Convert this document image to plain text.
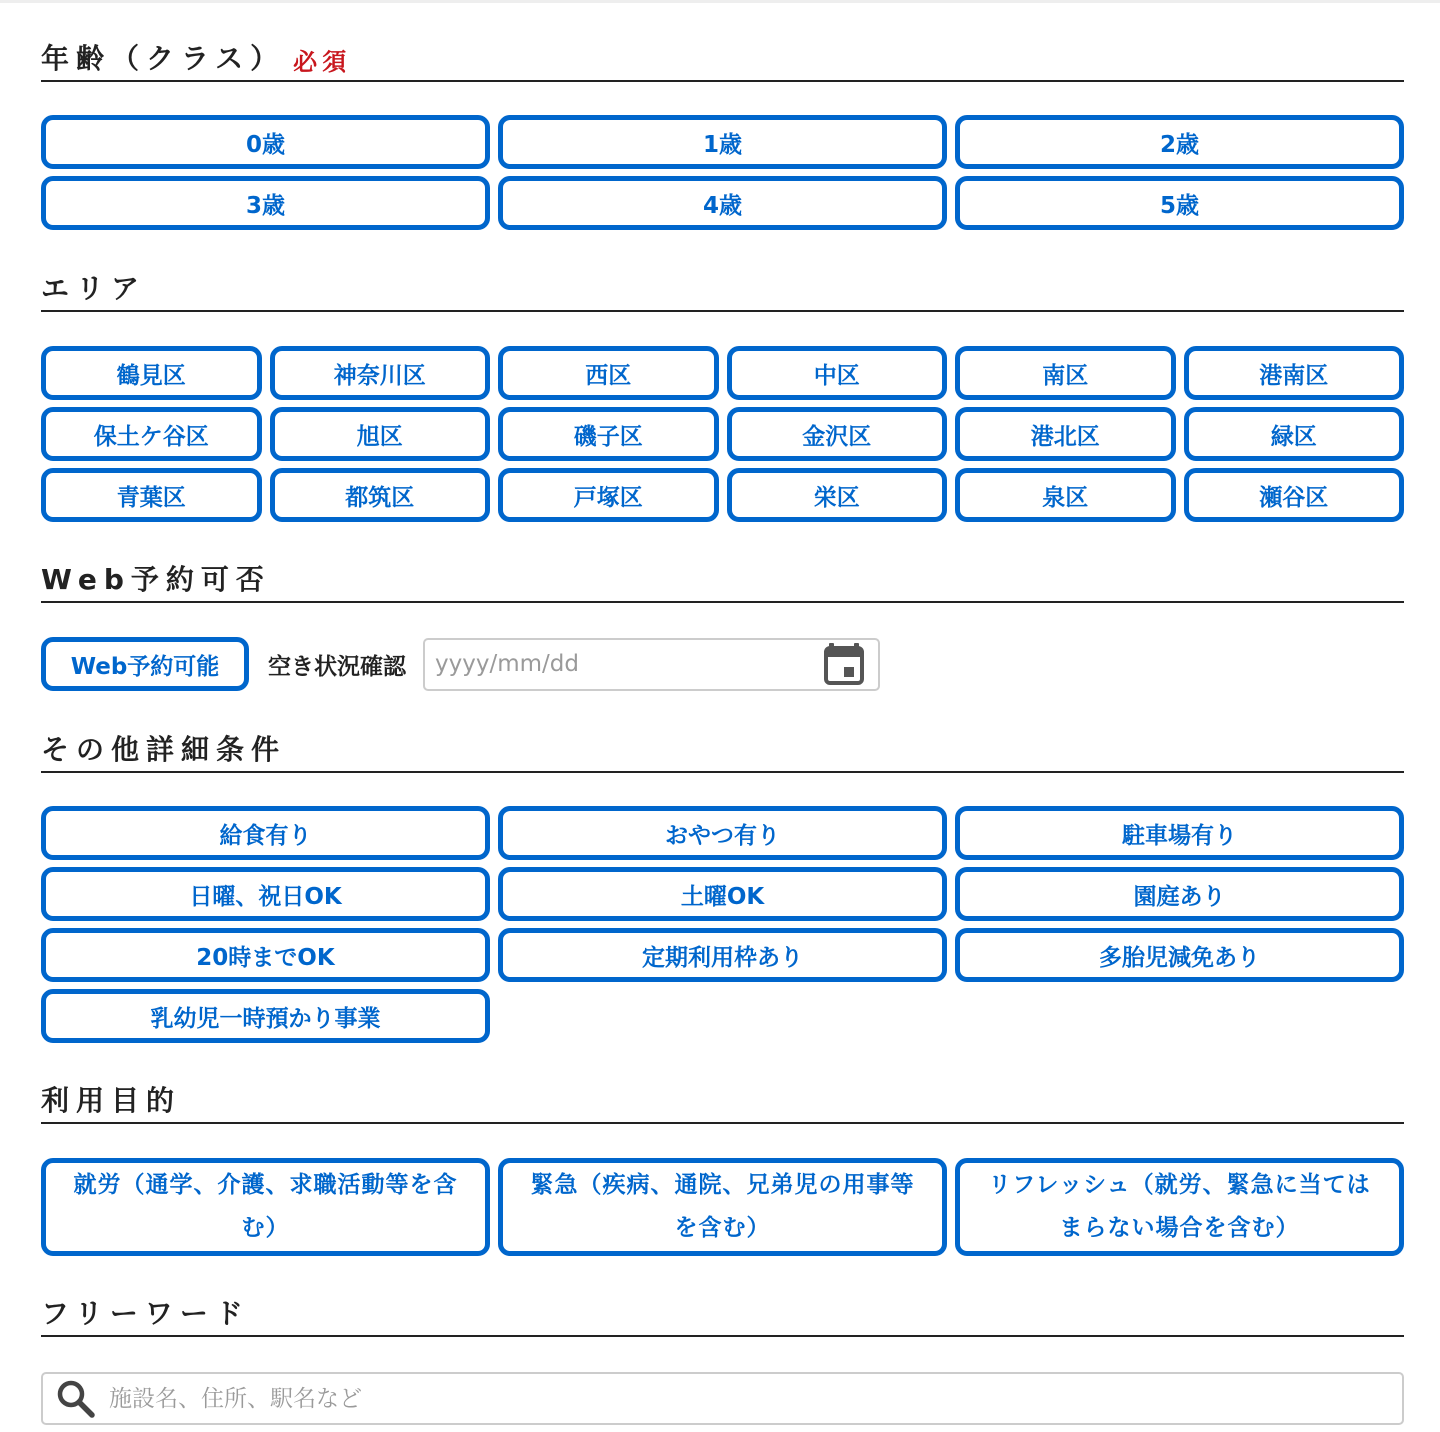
年齢（クラス） 必須
0歳	1歳	2歳
3歳	4歳	5歳
エリア
鶴見区	神奈川区	西区	中区	南区	港南区
保土ケ谷区	旭区	磯子区	金沢区	港北区	緑区
青葉区	都筑区	戸塚区	栄区	泉区	瀬谷区
Web予約可否
Web予約可能	空き状況確認
yyyy/mm/dd
その他詳細条件
給食有り	おやつ有り	駐車場有り
日曜、祝日OK	土曜OK	園庭あり
20時までOK	定期利用枠あり	多胎児減免あり
乳幼児一時預かり事業
利用目的
就労（通学、介護、求職活動等を含む）
緊急（疾病、通院、兄弟児の用事等を含む）
リフレッシュ（就労、緊急に当てはまらない場合を含む）
フリーワード
施設名、住所、駅名など
